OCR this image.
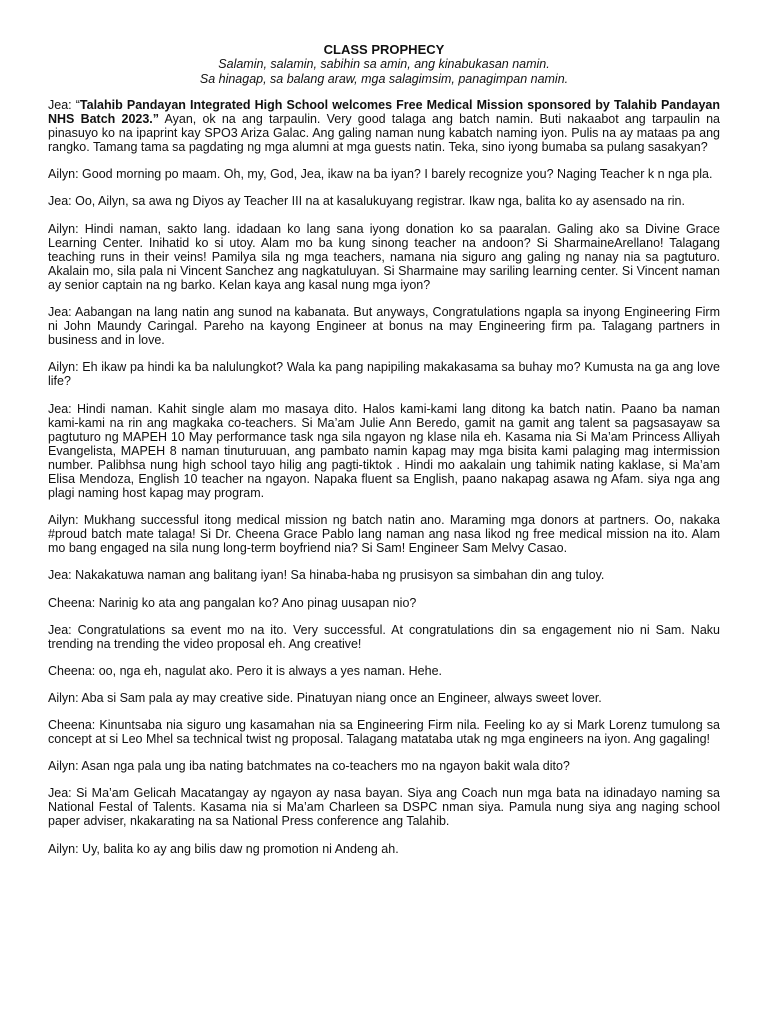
CLASS PROPHECY
Salamin, salamin, sabihin sa amin, ang kinabukasan namin.
Sa hinagap, sa balang araw, mga salagimsim, panagimpan namin.

Jea: “Talahib Pandayan Integrated High School welcomes Free Medical Mission sponsored by Talahib Pandayan NHS Batch 2023.” Ayan, ok na ang tarpaulin. Very good talaga ang batch namin. Buti nakaabot ang tarpaulin na pinasuyo ko na ipaprint kay SPO3 Ariza Galac. Ang galing naman nung kabatch naming iyon. Pulis na ay mataas pa ang rangko. Tamang tama sa pagdating ng mga alumni at mga guests natin. Teka, sino iyong bumaba sa pulang sasakyan?

Ailyn: Good morning po maam. Oh, my, God, Jea, ikaw na ba iyan? I barely recognize you? Naging Teacher k n nga pla.

Jea: Oo, Ailyn, sa awa ng Diyos ay Teacher III na at kasalukuyang registrar. Ikaw nga, balita ko ay asensado na rin.

Ailyn: Hindi naman, sakto lang. idadaan ko lang sana iyong donation ko sa paaralan. Galing ako sa Divine Grace Learning Center. Inihatid ko si utoy. Alam mo ba kung sinong teacher na andoon? Si SharmaineArellano! Talagang teaching runs in their veins! Pamilya sila ng mga teachers, namana nia siguro ang galing ng nanay nia sa pagtuturo. Akalain mo, sila pala ni Vincent Sanchez ang nagkatuluyan. Si Sharmaine may sariling learning center. Si Vincent naman ay senior captain na ng barko. Kelan kaya ang kasal nung mga iyon?

Jea: Aabangan na lang natin ang sunod na kabanata. But anyways, Congratulations ngapla sa inyong Engineering Firm ni John Maundy Caringal. Pareho na kayong Engineer at bonus na may Engineering firm pa. Talagang partners in business and in love.

Ailyn: Eh ikaw pa hindi ka ba nalulungkot? Wala ka pang napipiling makakasama sa buhay mo? Kumusta na ga ang love life?

Jea: Hindi naman. Kahit single alam mo masaya dito. Halos kami-kami lang ditong ka batch natin. Paano ba naman kami-kami na rin ang magkaka co-teachers. Si Ma’am Julie Ann Beredo, gamit na gamit ang talent sa pagsasayaw sa pagtuturo ng MAPEH 10 May performance task nga sila ngayon ng klase nila eh. Kasama nia Si Ma’am Princess Alliyah Evangelista, MAPEH 8 naman tinuturuuan, ang pambato namin kapag may mga bisita kami palaging mag intermission number. Palibhsa nung high school tayo hilig ang pagti-tiktok . Hindi mo aakalain ung tahimik nating kaklase, si Ma’am Elisa Mendoza, English 10 teacher na ngayon. Napaka fluent sa English, paano nakapag asawa ng Afam. siya nga ang plagi naming host kapag may program.

Ailyn: Mukhang successful itong medical mission ng batch natin ano. Maraming mga donors at partners. Oo, nakaka #proud batch mate talaga! Si Dr. Cheena Grace Pablo lang naman ang nasa likod ng free medical mission na ito. Alam mo bang engaged na sila nung long-term boyfriend nia? Si Sam! Engineer Sam Melvy Casao.

Jea: Nakakatuwa naman ang balitang iyan! Sa hinaba-haba ng prusisyon sa simbahan din ang tuloy.

Cheena: Narinig ko ata ang pangalan ko? Ano pinag uusapan nio?

Jea: Congratulations sa event mo na ito. Very successful. At congratulations din sa engagement nio ni Sam. Naku trending na trending the video proposal eh. Ang creative!

Cheena: oo, nga eh, nagulat ako. Pero it is always a yes naman. Hehe.

Ailyn: Aba si Sam pala ay may creative side. Pinatuyan niang once an Engineer, always sweet lover.

Cheena: Kinuntsaba nia siguro ung kasamahan nia sa Engineering Firm nila. Feeling ko ay si Mark Lorenz tumulong sa concept at si Leo Mhel sa technical twist ng proposal. Talagang matataba utak ng mga engineers na iyon. Ang gagaling!

Ailyn: Asan nga pala ung iba nating batchmates na co-teachers mo na ngayon bakit wala dito?

Jea: Si Ma’am Gelicah Macatangay ay ngayon ay nasa bayan. Siya ang Coach nun mga bata na idinadayo naming sa National Festal of Talents. Kasama nia si Ma’am Charleen sa DSPC nman siya. Pamula nung siya ang naging school paper adviser, nkakarating na sa National Press conference ang Talahib.

Ailyn: Uy, balita ko ay ang bilis daw ng promotion ni Andeng ah.
